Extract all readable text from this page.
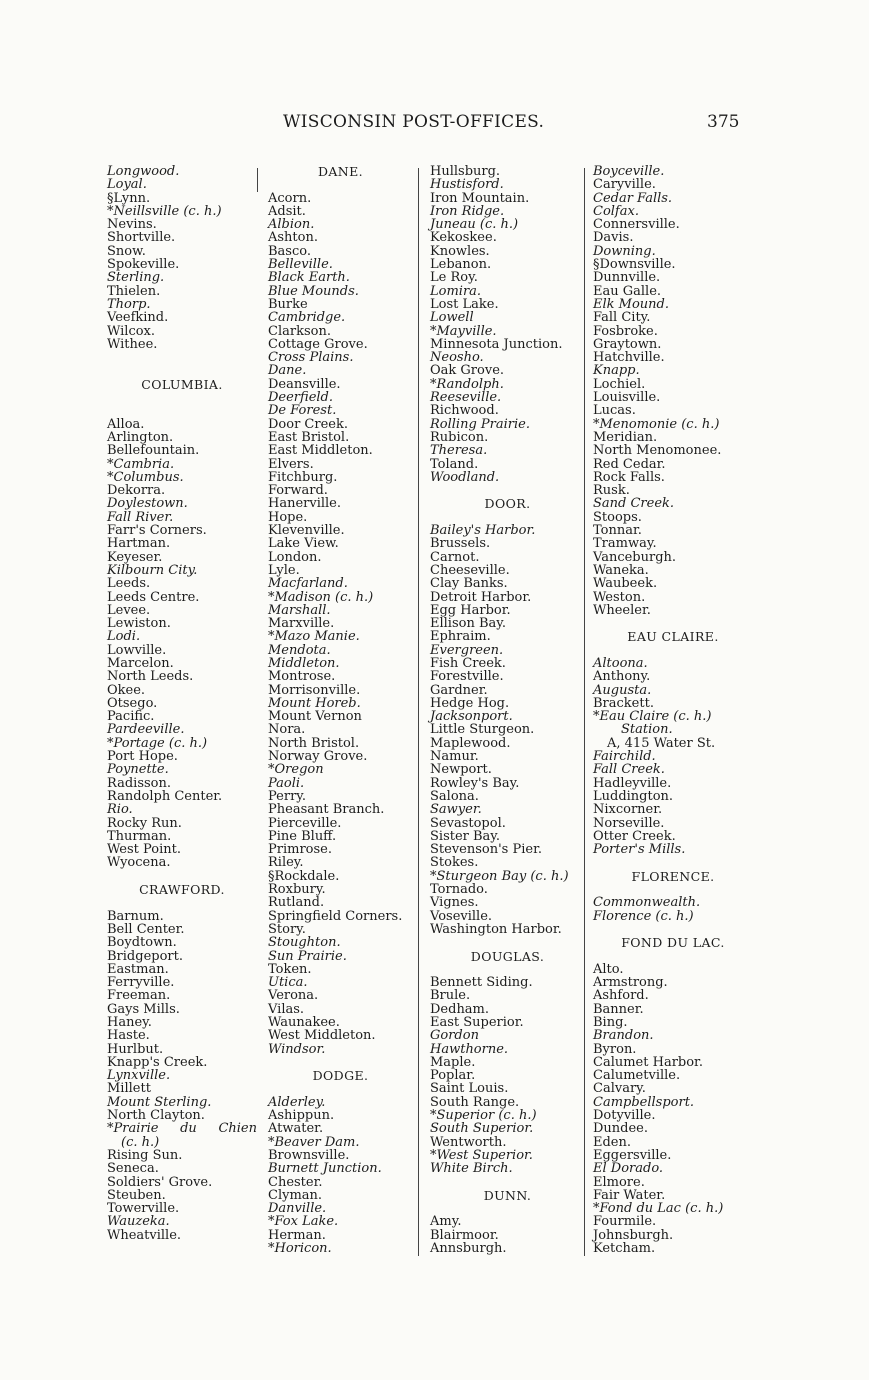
WISCONSIN POST-OFFICES.	375
Longwood.
Loyal.
§Lynn.
*Neillsville (c. h.)
Nevins.
Shortville.
Snow.
Spokeville.
Sterling.
Thielen.
Thorp.
Veefkind.
Wilcox.
Withee.
COLUMBIA.
Alloa.
Arlington.
Bellefountain.
*Cambria.
*Columbus.
Dekorra.
Doylestown.
Fall River.
Farr's Corners.
Hartman.
Keyeser.
Kilbourn City.
Leeds.
Leeds Centre.
Levee.
Lewiston.
Lodi.
Lowville.
Marcelon.
North Leeds.
Okee.
Otsego.
Pacific.
Pardeeville.
*Portage (c. h.)
Port Hope.
Poynette.
Radisson.
Randolph Center.
Rio.
Rocky Run.
Thurman.
West Point.
Wyocena.
CRAWFORD.
Barnum.
Bell Center.
Boydtown.
Bridgeport.
Eastman.
Ferryville.
Freeman.
Gays Mills.
Haney.
Haste.
Hurlbut.
Knapp's Creek.
Lynxville.
Millett
Mount Sterling.
North Clayton.
*Prairie du Chien
(c. h.)
Rising Sun.
Seneca.
Soldiers' Grove.
Steuben.
Towerville.
Wauzeka.
Wheatville.
DANE.
Acorn.
Adsit.
Albion.
Ashton.
Basco.
Belleville.
Black Earth.
Blue Mounds.
Burke
Cambridge.
Clarkson.
Cottage Grove.
Cross Plains.
Dane.
Deansville.
Deerfield.
De Forest.
Door Creek.
East Bristol.
East Middleton.
Elvers.
Fitchburg.
Forward.
Hanerville.
Hope.
Klevenville.
Lake View.
London.
Lyle.
Macfarland.
*Madison (c. h.)
Marshall.
Marxville.
*Mazo Manie.
Mendota.
Middleton.
Montrose.
Morrisonville.
Mount Horeb.
Mount Vernon
Nora.
North Bristol.
Norway Grove.
*Oregon
Paoli.
Perry.
Pheasant Branch.
Pierceville.
Pine Bluff.
Primrose.
Riley.
§Rockdale.
Roxbury.
Rutland.
Springfield Corners.
Story.
Stoughton.
Sun Prairie.
Token.
Utica.
Verona.
Vilas.
Waunakee.
West Middleton.
Windsor.
DODGE.
Alderley.
Ashippun.
Atwater.
*Beaver Dam.
Brownsville.
Burnett Junction.
Chester.
Clyman.
Danville.
*Fox Lake.
Herman.
*Horicon.
Hullsburg.
Hustisford.
Iron Mountain.
Iron Ridge.
Juneau (c. h.)
Kekoskee.
Knowles.
Lebanon.
Le Roy.
Lomira.
Lost Lake.
Lowell
*Mayville.
Minnesota Junction.
Neosho.
Oak Grove.
*Randolph.
Reeseville.
Richwood.
Rolling Prairie.
Rubicon.
Theresa.
Toland.
Woodland.
DOOR.
Bailey's Harbor.
Brussels.
Carnot.
Cheeseville.
Clay Banks.
Detroit Harbor.
Egg Harbor.
Ellison Bay.
Ephraim.
Evergreen.
Fish Creek.
Forestville.
Gardner.
Hedge Hog.
Jacksonport.
Little Sturgeon.
Maplewood.
Namur.
Newport.
Rowley's Bay.
Salona.
Sawyer.
Sevastopol.
Sister Bay.
Stevenson's Pier.
Stokes.
*Sturgeon Bay (c. h.)
Tornado.
Vignes.
Voseville.
Washington Harbor.
DOUGLAS.
Bennett Siding.
Brule.
Dedham.
East Superior.
Gordon
Hawthorne.
Maple.
Poplar.
Saint Louis.
South Range.
*Superior (c. h.)
South Superior.
Wentworth.
*West Superior.
White Birch.
DUNN.
Amy.
Blairmoor.
Annsburgh.
Boyceville.
Caryville.
Cedar Falls.
Colfax.
Connersville.
Davis.
Downing.
§Downsville.
Dunnville.
Eau Galle.
Elk Mound.
Fall City.
Fosbroke.
Graytown.
Hatchville.
Knapp.
Lochiel.
Louisville.
Lucas.
*Menomonie (c. h.)
Meridian.
North Menomonee.
Red Cedar.
Rock Falls.
Rusk.
Sand Creek.
Stoops.
Tonnar.
Tramway.
Vanceburgh.
Waneka.
Waubeek.
Weston.
Wheeler.
EAU CLAIRE.
Altoona.
Anthony.
Augusta.
Brackett.
*Eau Claire (c. h.)
Station.
A, 415 Water St.
Fairchild.
Fall Creek.
Hadleyville.
Luddington.
Nixcorner.
Norseville.
Otter Creek.
Porter's Mills.
FLORENCE.
Commonwealth.
Florence (c. h.)
FOND DU LAC.
Alto.
Armstrong.
Ashford.
Banner.
Bing.
Brandon.
Byron.
Calumet Harbor.
Calumetville.
Calvary.
Campbellsport.
Dotyville.
Dundee.
Eden.
Eggersville.
El Dorado.
Elmore.
Fair Water.
*Fond du Lac (c. h.)
Fourmile.
Johnsburgh.
Ketcham.
